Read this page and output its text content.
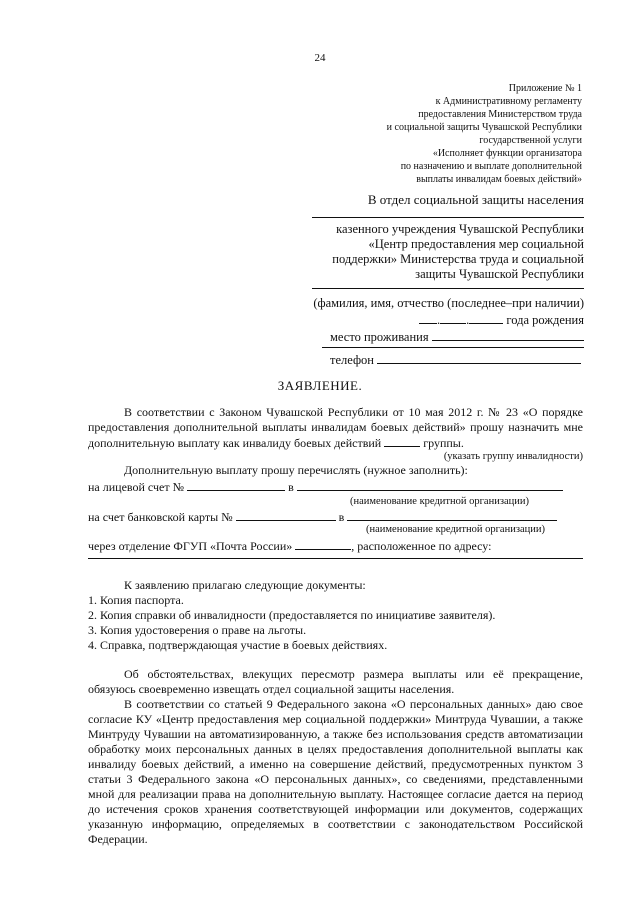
24
Приложение № 1
к Административному регламенту
предоставления Министерством труда
и социальной защиты Чувашской Республики
государственной услуги
«Исполняет функции организатора
по назначению и выплате дополнительной
выплаты инвалидам боевых действий»
В отдел социальной защиты населения
казенного учреждения Чувашской Республики
«Центр предоставления мер социальной
поддержки» Министерства труда и социальной
защиты Чувашской Республики
(фамилия, имя, отчество (последнее–при наличии)
. .	года рождения
место проживания
телефон
ЗАЯВЛЕНИЕ.
В соответствии с Законом Чувашской Республики от 10 мая 2012 г. № 23 «О порядке предоставления дополнительной выплаты инвалидам боевых действий» прошу назначить мне дополнительную выплату как инвалиду боевых действий	группы.
(указать группу инвалидности)
Дополнительную выплату прошу перечислять (нужное заполнить):
на лицевой счет №	в
(наименование кредитной организации)
на счет банковской карты №	в
(наименование кредитной организации)
через отделение ФГУП «Почта России»	, расположенное по адресу:
К заявлению прилагаю следующие документы:
1. Копия паспорта.
2. Копия справки об инвалидности (предоставляется по инициативе заявителя).
3. Копия удостоверения о праве на льготы.
4. Справка, подтверждающая участие в боевых действиях.
Об обстоятельствах, влекущих пересмотр размера выплаты или её прекращение, обязуюсь своевременно извещать отдел социальной защиты населения.
В соответствии со статьей 9 Федерального закона «О персональных данных» даю свое согласие КУ «Центр предоставления мер социальной поддержки» Минтруда Чувашии, а также Минтруду Чувашии на автоматизированную, а также без использования средств автоматизации обработку моих персональных данных в целях предоставления дополнительной выплаты как инвалиду боевых действий, а именно на совершение действий, предусмотренных пунктом 3 статьи 3 Федерального закона «О персональных данных», со сведениями, представленными мной для реализации права на дополнительную выплату. Настоящее согласие дается на период до истечения сроков хранения соответствующей информации или документов, содержащих указанную информацию, определяемых в соответствии с законодательством Российской Федерации.
